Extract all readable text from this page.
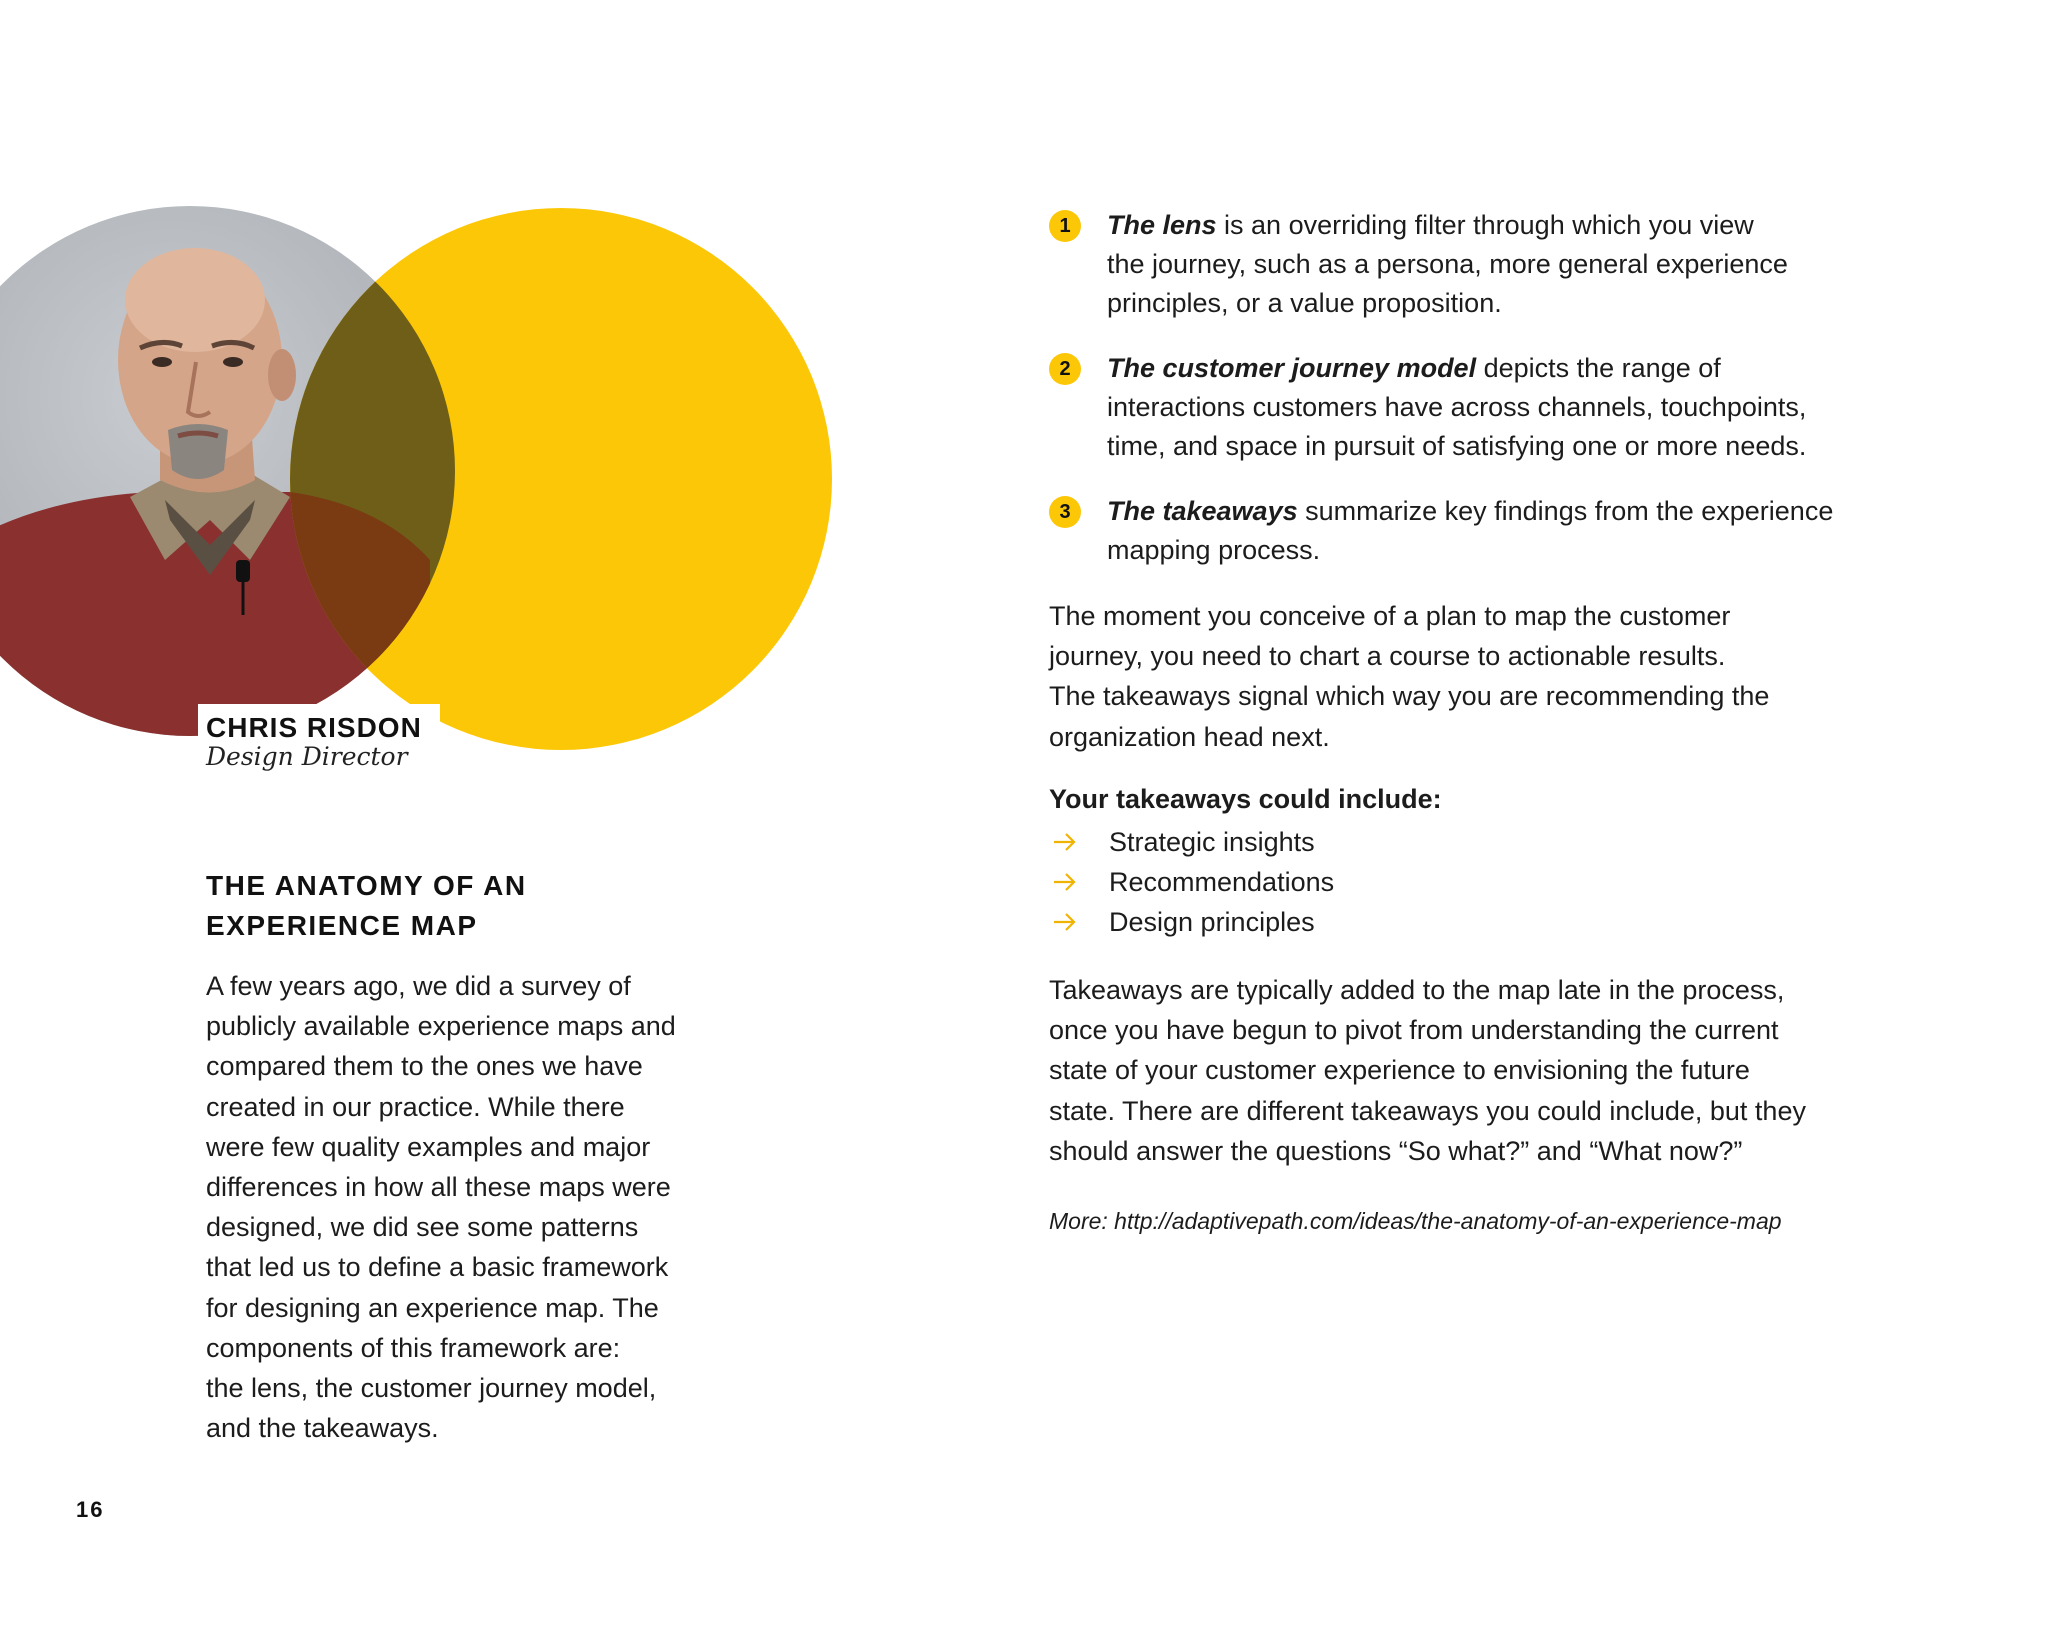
CHRIS RISDON
Design Director
THE ANATOMY OF AN
EXPERIENCE MAP
A few years ago, we did a survey of
publicly available experience maps and
compared them to the ones we have
created in our practice. While there
were few quality examples and major
differences in how all these maps were
designed, we did see some patterns
that led us to define a basic framework
for designing an experience map. The
components of this framework are:
the lens, the customer journey model,
and the takeaways.
16
1	The lens is an overriding filter through which you view
the journey, such as a persona, more general experience
principles, or a value proposition.
2	The customer journey model depicts the range of
interactions customers have across channels, touchpoints,
time, and space in pursuit of satisfying one or more needs.
3	The takeaways summarize key findings from the experience
mapping process.
The moment you conceive of a plan to map the customer
journey, you need to chart a course to actionable results.
The takeaways signal which way you are recommending the
organization head next.
Your takeaways could include:
Strategic insights
Recommendations
Design principles
Takeaways are typically added to the map late in the process,
once you have begun to pivot from understanding the current
state of your customer experience to envisioning the future
state. There are different takeaways you could include, but they
should answer the questions “So what?” and “What now?”
More: http://adaptivepath.com/ideas/the-anatomy-of-an-experience-map
